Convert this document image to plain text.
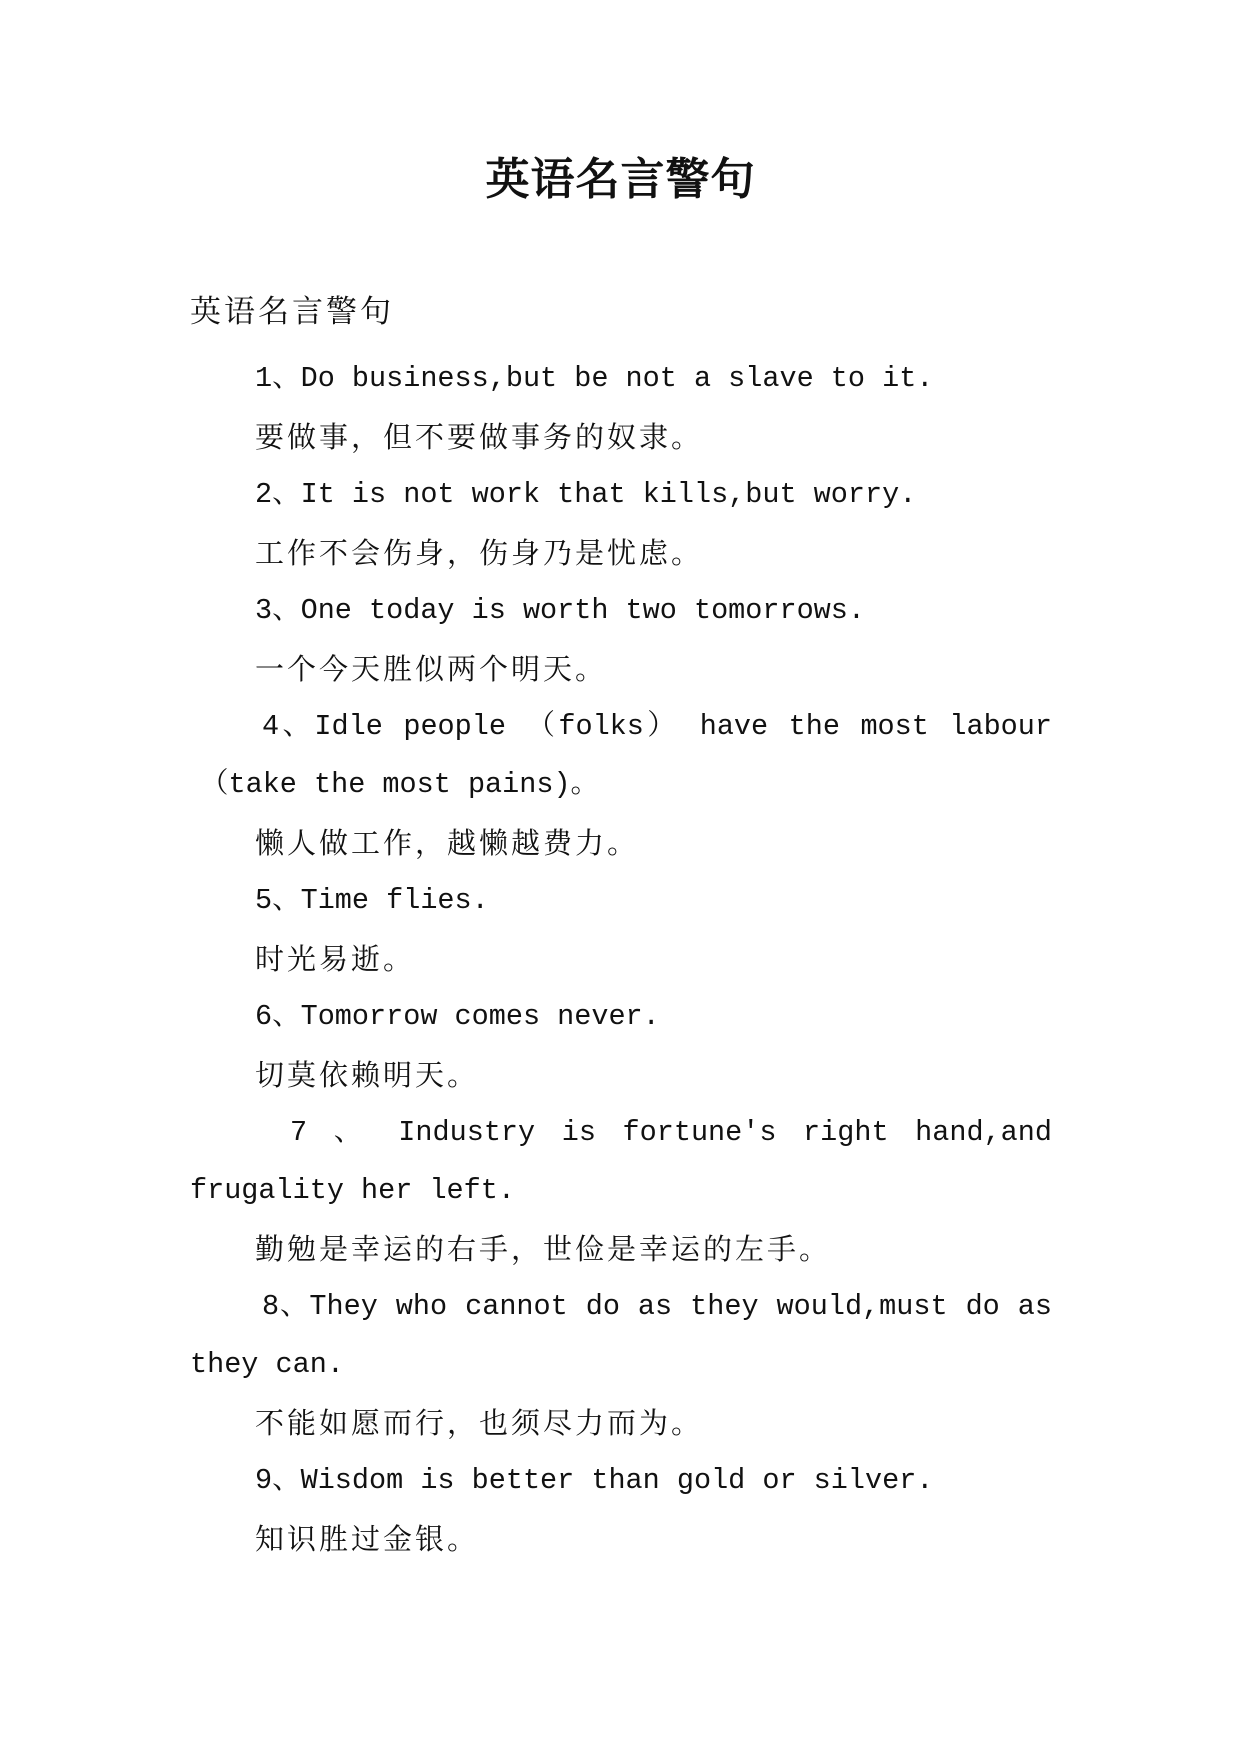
英语名言警句

英语名言警句

1、Do business,but be not a slave to it.

要做事，但不要做事务的奴隶。

2、It is not work that kills,but worry.

工作不会伤身，伤身乃是忧虑。

3、One today is worth two tomorrows.

一个今天胜似两个明天。

4、Idle people （folks） have the most labour

（take the most pains)。

懒人做工作，越懒越费力。

5、Time flies.

时光易逝。

6、Tomorrow comes never.

切莫依赖明天。

7 、 Industry is fortune's right hand,and

frugality her left.

勤勉是幸运的右手，世俭是幸运的左手。

8、They who cannot do as they would,must do as

they can.

不能如愿而行，也须尽力而为。

9、Wisdom is better than gold or silver.

知识胜过金银。
